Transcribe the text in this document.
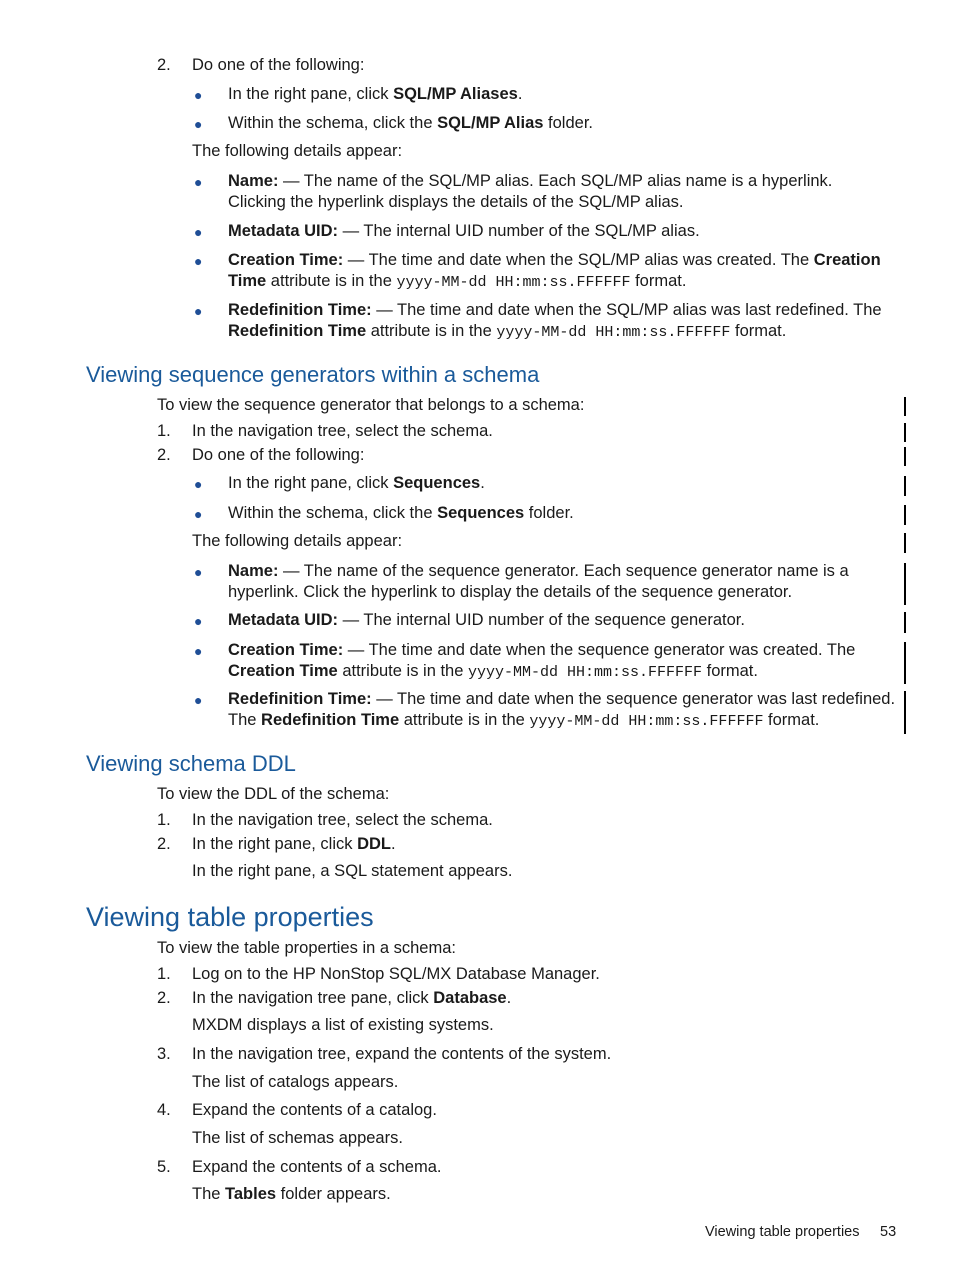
2. Do one of the following:
● In the right pane, click SQL/MP Aliases.
● Within the schema, click the SQL/MP Alias folder.
The following details appear:
● Name: — The name of the SQL/MP alias. Each SQL/MP alias name is a hyperlink.
Clicking the hyperlink displays the details of the SQL/MP alias.
● Metadata UID: — The internal UID number of the SQL/MP alias.
● Creation Time: — The time and date when the SQL/MP alias was created. The Creation
Time attribute is in the yyyy-MM-dd HH:mm:ss.FFFFFF format.
● Redefinition Time: — The time and date when the SQL/MP alias was last redefined. The
Redefinition Time attribute is in the yyyy-MM-dd HH:mm:ss.FFFFFF format.
Viewing sequence generators within a schema
To view the sequence generator that belongs to a schema:
1. In the navigation tree, select the schema.
2. Do one of the following:
● In the right pane, click Sequences.
● Within the schema, click the Sequences folder.
The following details appear:
● Name: — The name of the sequence generator. Each sequence generator name is a
hyperlink. Click the hyperlink to display the details of the sequence generator.
● Metadata UID: — The internal UID number of the sequence generator.
● Creation Time: — The time and date when the sequence generator was created. The
Creation Time attribute is in the yyyy-MM-dd HH:mm:ss.FFFFFF format.
● Redefinition Time: — The time and date when the sequence generator was last redefined.
The Redefinition Time attribute is in the yyyy-MM-dd HH:mm:ss.FFFFFF format.
Viewing schema DDL
To view the DDL of the schema:
1. In the navigation tree, select the schema.
2. In the right pane, click DDL.
In the right pane, a SQL statement appears.
Viewing table properties
To view the table properties in a schema:
1. Log on to the HP NonStop SQL/MX Database Manager.
2. In the navigation tree pane, click Database.
MXDM displays a list of existing systems.
3. In the navigation tree, expand the contents of the system.
The list of catalogs appears.
4. Expand the contents of a catalog.
The list of schemas appears.
5. Expand the contents of a schema.
The Tables folder appears.
Viewing table properties 53
